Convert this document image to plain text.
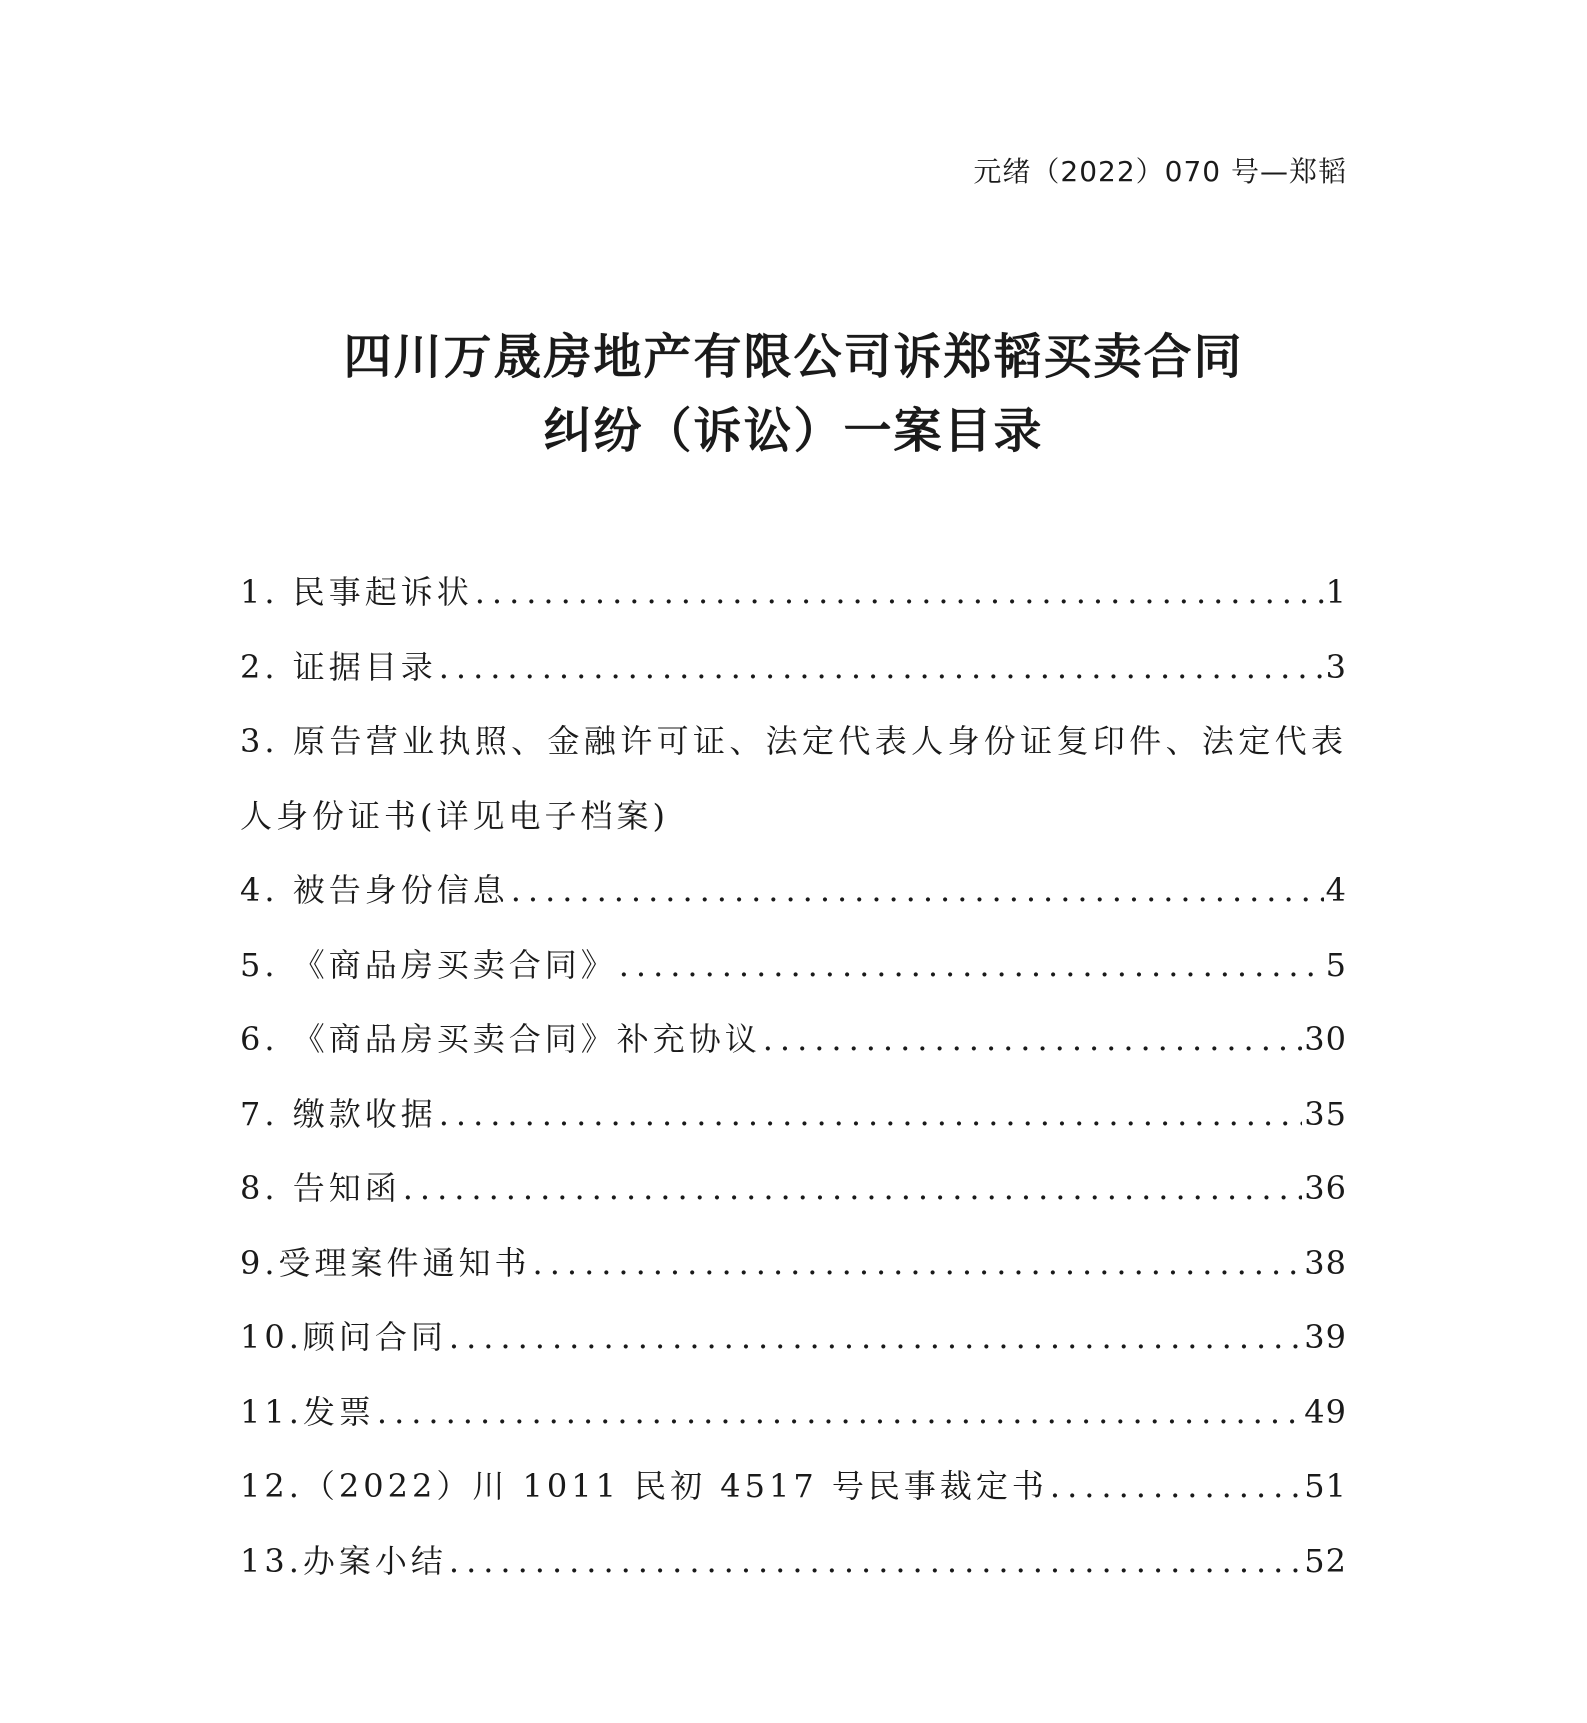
元绪（2022）070 号—郑韬
四川万晟房地产有限公司诉郑韬买卖合同
纠纷（诉讼）一案目录
1. 民事起诉状 .....	1
2. 证据目录 .....	3
3. 原告营业执照、金融许可证、法定代表人身份证复印件、法定代表
人身份证书(详见电子档案)
4. 被告身份信息 .....	4
5. 《商品房买卖合同》 .....	5
6. 《商品房买卖合同》补充协议 .....	30
7. 缴款收据 .....	35
8. 告知函 .....	36
9.受理案件通知书 .....	38
10.顾问合同 .....	39
11.发票 .....	49
12.（2022）川 1011 民初 4517 号民事裁定书 .....	51
13.办案小结 .....	52
